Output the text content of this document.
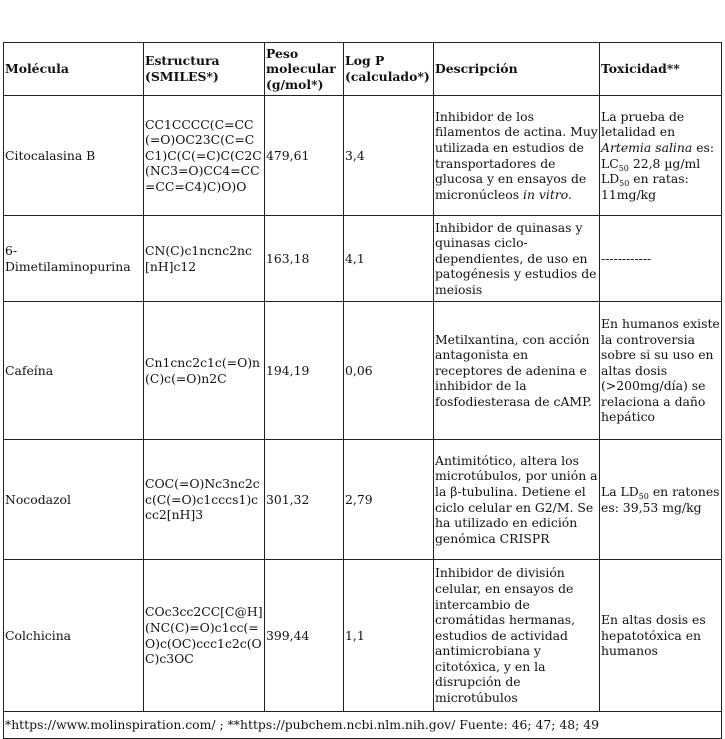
Molécula	Estructura (SMILES*)	Peso molecular (g/mol*)	Log P (calculado*)	Descripción	Toxicidad**
Citocalasina B	CC1CCCC(C=CC(=O)OC23C(C=CC1)C(C(=C)C(C2C(NC3=O)CC4=CC=CC=C4)C)O)O	479,61	3,4	Inhibidor de los filamentos de actina. Muy utilizada en estudios de transportadores de glucosa y en ensayos de micronúcleos in vitro.	La prueba de letalidad en Artemia salina es: $LC_{50}$ 22,8 µg/ml $LD_{50}$ en ratas: 11mg/kg
6-Dimetilaminopurina	CN(C)c1ncnc2nc[nH]c12	163,18	4,1	Inhibidor de quinasas y quinasas ciclo-dependientes, de uso en patogénesis y estudios de meiosis	------------
Cafeína	Cn1cnc2c1c(=O)n(C)c(=O)n2C	194,19	0,06	Metilxantina, con acción antagonista en receptores de adenina e inhibidor de la fosfodiesterasa de cAMP.	En humanos existe la controversia sobre si su uso en altas dosis (>200mg/día) se relaciona a daño hepático
Nocodazol	COC(=O)Nc3nc2cc(C(=O)c1cccs1)ccc2[nH]3	301,32	2,79	Antimitótico, altera los microtúbulos, por unión a la β-tubulina. Detiene el ciclo celular en G2/M. Se ha utilizado en edición genómica CRISPR	La $LD_{50}$ en ratones es: 39,53 mg/kg
Colchicina	COc3cc2CC[C@H](NC(C)=O)c1cc(=O)c(OC)ccc1c2c(OC)c3OC	399,44	1,1	Inhibidor de división celular, en ensayos de intercambio de cromátidas hermanas, estudios de actividad antimicrobiana y citotóxica, y en la disrupción de microtúbulos	En altas dosis es hepatotóxica en humanos
*https://www.molinspiration.com/ ; **https://pubchem.ncbi.nlm.nih.gov/ Fuente: 46; 47; 48; 49					
